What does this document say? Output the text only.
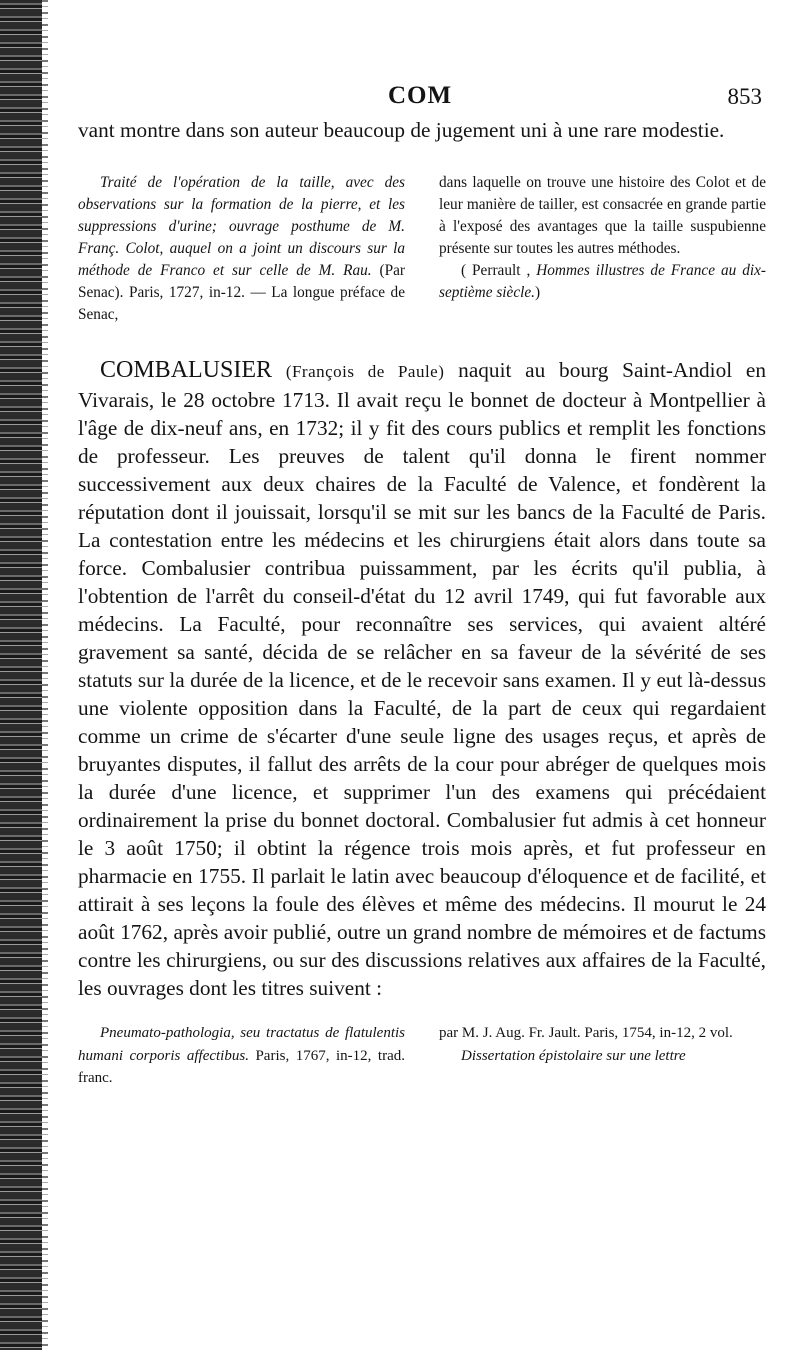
COM	853

vant montre dans son auteur beaucoup de jugement uni à une rare modestie.

Traité de l'opération de la taille, avec des observations sur la formation de la pierre, et les suppressions d'urine; ouvrage posthume de M. Franç. Colot, auquel on a joint un discours sur la méthode de Franco et sur celle de M. Rau. (Par Senac). Paris, 1727, in-12. — La longue préface de Senac,

dans laquelle on trouve une histoire des Colot et de leur manière de tailler, est consacrée en grande partie à l'exposé des avantages que la taille suspubienne présente sur toutes les autres méthodes.

( Perrault , Hommes illustres de France au dix-septième siècle.)

COMBALUSIER (François de Paule) naquit au bourg Saint-Andiol en Vivarais, le 28 octobre 1713. Il avait reçu le bonnet de docteur à Montpellier à l'âge de dix-neuf ans, en 1732; il y fit des cours publics et remplit les fonctions de professeur. Les preuves de talent qu'il donna le firent nommer successivement aux deux chaires de la Faculté de Valence, et fondèrent la réputation dont il jouissait, lorsqu'il se mit sur les bancs de la Faculté de Paris. La contestation entre les médecins et les chirurgiens était alors dans toute sa force. Combalusier contribua puissamment, par les écrits qu'il publia, à l'obtention de l'arrêt du conseil-d'état du 12 avril 1749, qui fut favorable aux médecins. La Faculté, pour reconnaître ses services, qui avaient altéré gravement sa santé, décida de se relâcher en sa faveur de la sévérité de ses statuts sur la durée de la licence, et de le recevoir sans examen. Il y eut là-dessus une violente opposition dans la Faculté, de la part de ceux qui regardaient comme un crime de s'écarter d'une seule ligne des usages reçus, et après de bruyantes disputes, il fallut des arrêts de la cour pour abréger de quelques mois la durée d'une licence, et supprimer l'un des examens qui précédaient ordinairement la prise du bonnet doctoral. Combalusier fut admis à cet honneur le 3 août 1750; il obtint la régence trois mois après, et fut professeur en pharmacie en 1755. Il parlait le latin avec beaucoup d'éloquence et de facilité, et attirait à ses leçons la foule des élèves et même des médecins. Il mourut le 24 août 1762, après avoir publié, outre un grand nombre de mémoires et de factums contre les chirurgiens, ou sur des discussions relatives aux affaires de la Faculté, les ouvrages dont les titres suivent :

Pneumato-pathologia, seu tractatus de flatulentis humani corporis affectibus. Paris, 1767, in-12, trad. franc.

par M. J. Aug. Fr. Jault. Paris, 1754, in-12, 2 vol.

Dissertation épistolaire sur une lettre
